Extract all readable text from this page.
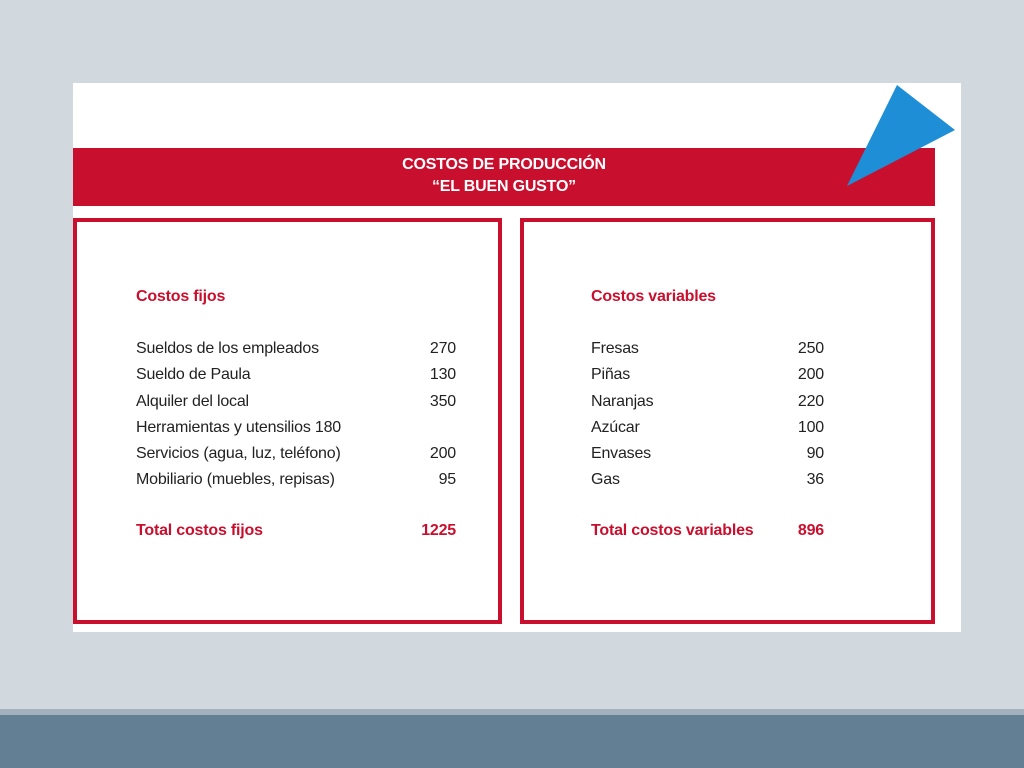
COSTOS DE PRODUCCIÓN
“EL BUEN GUSTO”
Costos fijos
Sueldos de los empleados	270
Sueldo de Paula	130
Alquiler del local	350
Herramientas y utensilios 180
Servicios (agua, luz, teléfono)	200
Mobiliario (muebles, repisas)	95
Total costos fijos	1225
Costos variables
Fresas	250
Piñas	200
Naranjas	220
Azúcar	100
Envases	90
Gas	36
Total costos variables	896
